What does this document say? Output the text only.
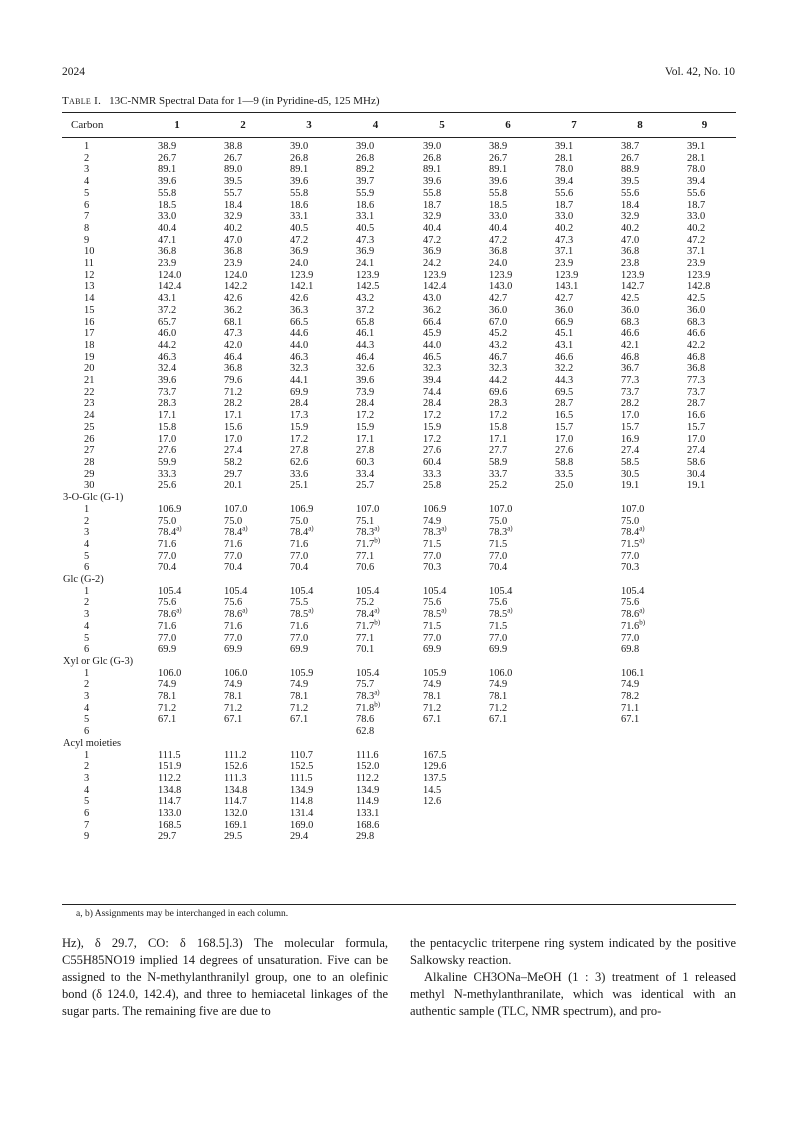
2024	Vol. 42, No. 10
Table I. 13C-NMR Spectral Data for 1—9 (in Pyridine-d5, 125 MHz)
Carbon	1	2	3	4	5	6	7	8	9
1	38.9	38.8	39.0	39.0	39.0	38.9	39.1	38.7	39.1
2	26.7	26.7	26.8	26.8	26.8	26.7	28.1	26.7	28.1
3	89.1	89.0	89.1	89.2	89.1	89.1	78.0	88.9	78.0
4	39.6	39.5	39.6	39.7	39.6	39.6	39.4	39.5	39.4
5	55.8	55.7	55.8	55.9	55.8	55.8	55.6	55.6	55.6
6	18.5	18.4	18.6	18.6	18.7	18.5	18.7	18.4	18.7
7	33.0	32.9	33.1	33.1	32.9	33.0	33.0	32.9	33.0
8	40.4	40.2	40.5	40.5	40.4	40.4	40.2	40.2	40.2
9	47.1	47.0	47.2	47.3	47.2	47.2	47.3	47.0	47.2
10	36.8	36.8	36.9	36.9	36.9	36.8	37.1	36.8	37.1
11	23.9	23.9	24.0	24.1	24.2	24.0	23.9	23.8	23.9
12	124.0	124.0	123.9	123.9	123.9	123.9	123.9	123.9	123.9
13	142.4	142.2	142.1	142.5	142.4	143.0	143.1	142.7	142.8
14	43.1	42.6	42.6	43.2	43.0	42.7	42.7	42.5	42.5
15	37.2	36.2	36.3	37.2	36.2	36.0	36.0	36.0	36.0
16	65.7	68.1	66.5	65.8	66.4	67.0	66.9	68.3	68.3
17	46.0	47.3	44.6	46.1	45.9	45.2	45.1	46.6	46.6
18	44.2	42.0	44.0	44.3	44.0	43.2	43.1	42.1	42.2
19	46.3	46.4	46.3	46.4	46.5	46.7	46.6	46.8	46.8
20	32.4	36.8	32.3	32.6	32.3	32.3	32.2	36.7	36.8
21	39.6	79.6	44.1	39.6	39.4	44.2	44.3	77.3	77.3
22	73.7	71.2	69.9	73.9	74.4	69.6	69.5	73.7	73.7
23	28.3	28.2	28.4	28.4	28.4	28.3	28.7	28.2	28.7
24	17.1	17.1	17.3	17.2	17.2	17.2	16.5	17.0	16.6
25	15.8	15.6	15.9	15.9	15.9	15.8	15.7	15.7	15.7
26	17.0	17.0	17.2	17.1	17.2	17.1	17.0	16.9	17.0
27	27.6	27.4	27.8	27.8	27.6	27.7	27.6	27.4	27.4
28	59.9	58.2	62.6	60.3	60.4	58.9	58.8	58.5	58.6
29	33.3	29.7	33.6	33.4	33.3	33.7	33.5	30.5	30.4
30	25.6	20.1	25.1	25.7	25.8	25.2	25.0	19.1	19.1
3-O-Glc (G-1)									
1	106.9	107.0	106.9	107.0	106.9	107.0		107.0	
2	75.0	75.0	75.0	75.1	74.9	75.0		75.0	
3	78.4$^{a)}$	78.4$^{a)}$	78.4$^{a)}$	78.3$^{a)}$	78.3$^{a)}$	78.3$^{a)}$		78.4$^{a)}$	
4	71.6	71.6	71.6	71.7$^{b)}$	71.5	71.5		71.5$^{a)}$	
5	77.0	77.0	77.0	77.1	77.0	77.0		77.0	
6	70.4	70.4	70.4	70.6	70.3	70.4		70.3	
Glc (G-2)									
1	105.4	105.4	105.4	105.4	105.4	105.4		105.4	
2	75.6	75.6	75.5	75.2	75.6	75.6		75.6	
3	78.6$^{a)}$	78.6$^{a)}$	78.5$^{a)}$	78.4$^{a)}$	78.5$^{a)}$	78.5$^{a)}$		78.6$^{a)}$	
4	71.6	71.6	71.6	71.7$^{b)}$	71.5	71.5		71.6$^{b)}$	
5	77.0	77.0	77.0	77.1	77.0	77.0		77.0	
6	69.9	69.9	69.9	70.1	69.9	69.9		69.8	
Xyl or Glc (G-3)									
1	106.0	106.0	105.9	105.4	105.9	106.0		106.1	
2	74.9	74.9	74.9	75.7	74.9	74.9		74.9	
3	78.1	78.1	78.1	78.3$^{a)}$	78.1	78.1		78.2	
4	71.2	71.2	71.2	71.8$^{b)}$	71.2	71.2		71.1	
5	67.1	67.1	67.1	78.6	67.1	67.1		67.1	
6				62.8					
Acyl moieties									
1	111.5	111.2	110.7	111.6	167.5				
2	151.9	152.6	152.5	152.0	129.6				
3	112.2	111.3	111.5	112.2	137.5				
4	134.8	134.8	134.9	134.9	14.5				
5	114.7	114.7	114.8	114.9	12.6				
6	133.0	132.0	131.4	133.1					
7	168.5	169.1	169.0	168.6					
9	29.7	29.5	29.4	29.8					
a, b) Assignments may be interchanged in each column.
Hz), δ 29.7, CO: δ 168.5].3) The molecular formula, C55H85NO19 implied 14 degrees of unsaturation. Five can be assigned to the N-methylanthranilyl group, one to an olefinic bond (δ 124.0, 142.4), and three to hemiacetal linkages of the sugar parts. The remaining five are due to

the pentacyclic triterpene ring system indicated by the positive Salkowsky reaction.

Alkaline CH3ONa–MeOH (1 : 3) treatment of 1 released methyl N-methylanthranilate, which was identical with an authentic sample (TLC, NMR spectrum), and pro-
